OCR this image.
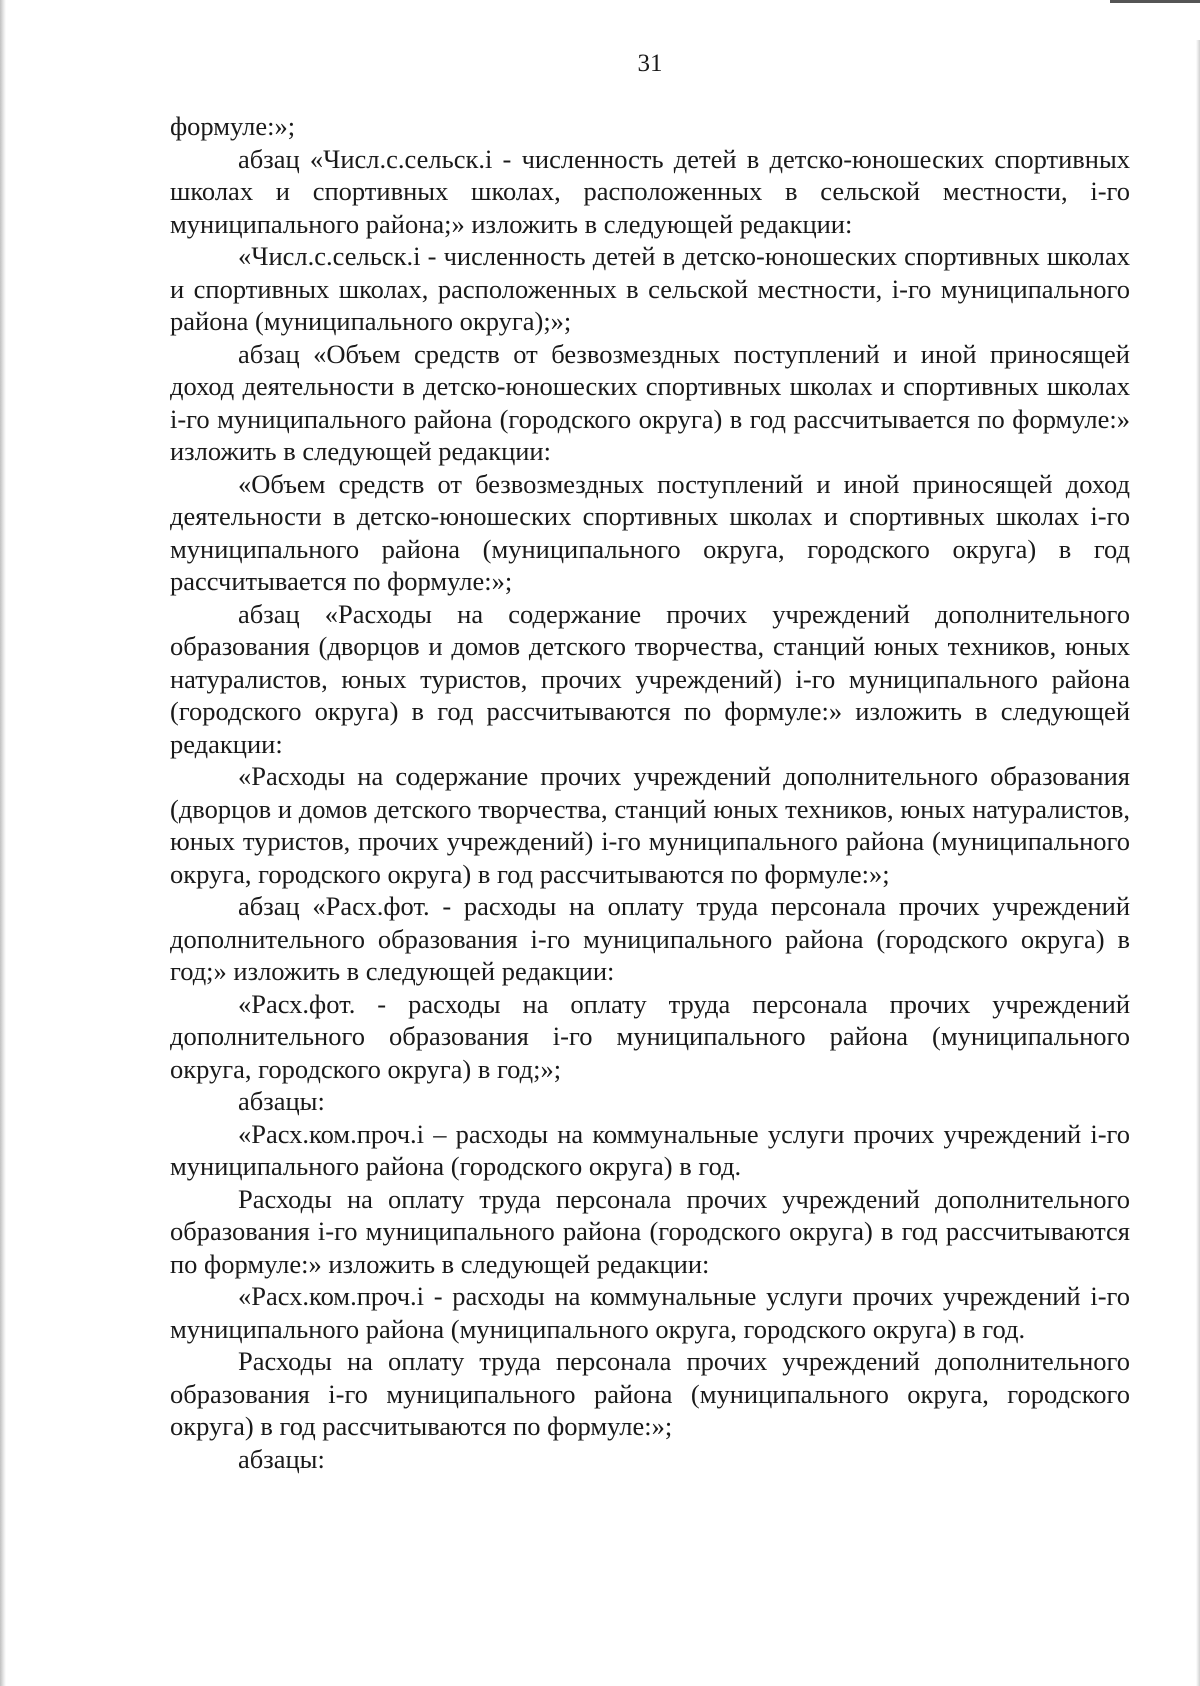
31

формуле:»;

абзац «Числ.с.сельск.i - численность детей в детско-юношеских спортивных школах и спортивных школах, расположенных в сельской местности, i-го муниципального района;» изложить в следующей редакции:

«Числ.с.сельск.i - численность детей в детско-юношеских спортивных школах и спортивных школах, расположенных в сельской местности, i-го муниципального района (муниципального округа);»;

абзац «Объем средств от безвозмездных поступлений и иной приносящей доход деятельности в детско-юношеских спортивных школах и спортивных школах i-го муниципального района (городского округа) в год рассчитывается по формуле:» изложить в следующей редакции:

«Объем средств от безвозмездных поступлений и иной приносящей доход деятельности в детско-юношеских спортивных школах и спортивных школах i-го муниципального района (муниципального округа, городского округа) в год рассчитывается по формуле:»;

абзац «Расходы на содержание прочих учреждений дополнительного образования (дворцов и домов детского творчества, станций юных техников, юных натуралистов, юных туристов, прочих учреждений) i-го муниципального района (городского округа) в год рассчитываются по формуле:» изложить в следующей редакции:

«Расходы на содержание прочих учреждений дополнительного образования (дворцов и домов детского творчества, станций юных техников, юных натуралистов, юных туристов, прочих учреждений) i-го муниципального района (муниципального округа, городского округа) в год рассчитываются по формуле:»;

абзац «Расх.фот. - расходы на оплату труда персонала прочих учреждений дополнительного образования i-го муниципального района (городского округа) в год;» изложить в следующей редакции:

«Расх.фот. - расходы на оплату труда персонала прочих учреждений дополнительного образования i-го муниципального района (муниципального округа, городского округа) в год;»;

абзацы:

«Расх.ком.проч.i – расходы на коммунальные услуги прочих учреждений i-го муниципального района (городского округа) в год.

Расходы на оплату труда персонала прочих учреждений дополнительного образования i-го муниципального района (городского округа) в год рассчитываются по формуле:» изложить в следующей редакции:

«Расх.ком.проч.i - расходы на коммунальные услуги прочих учреждений i-го муниципального района (муниципального округа, городского округа) в год.

Расходы на оплату труда персонала прочих учреждений дополнительного образования i-го муниципального района (муниципального округа, городского округа) в год рассчитываются по формуле:»;

абзацы:
